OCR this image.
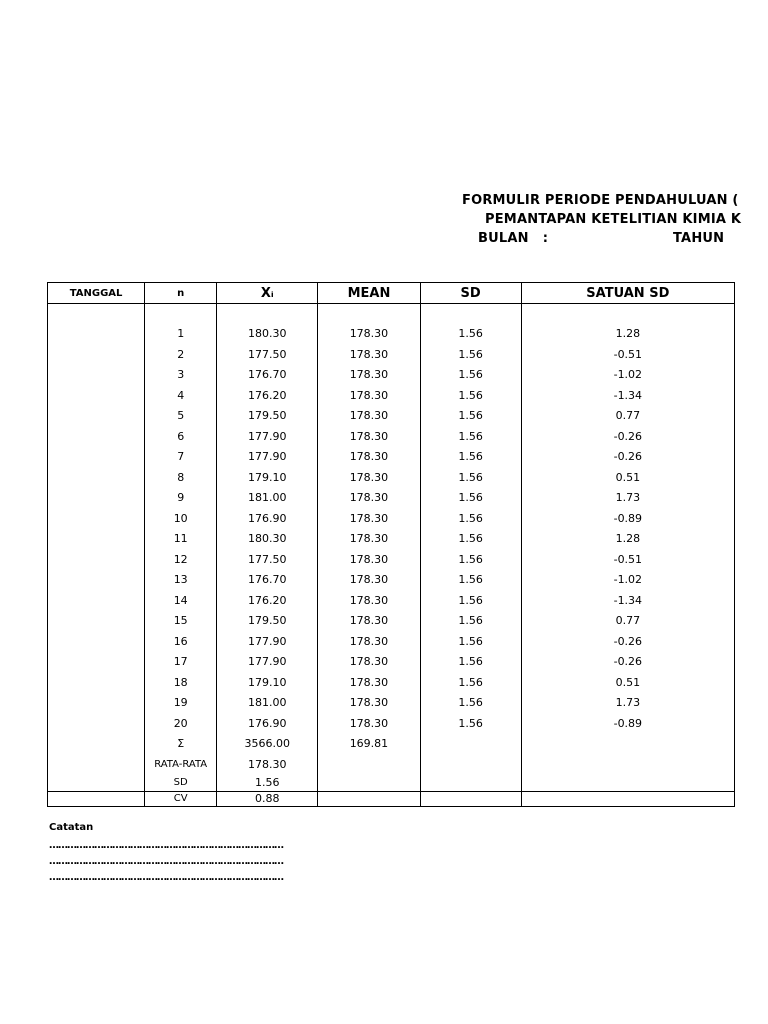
FORMULIR PERIODE PENDAHULUAN (
PEMANTAPAN KETELITIAN KIMIA K
BULAN :	TAHUN
TANGGAL	n	Xᵢ	MEAN	SD	SATUAN SD

	1	180.30	178.30	1.56	1.28
	2	177.50	178.30	1.56	-0.51
	3	176.70	178.30	1.56	-1.02
	4	176.20	178.30	1.56	-1.34
	5	179.50	178.30	1.56	0.77
	6	177.90	178.30	1.56	-0.26
	7	177.90	178.30	1.56	-0.26
	8	179.10	178.30	1.56	0.51
	9	181.00	178.30	1.56	1.73
	10	176.90	178.30	1.56	-0.89
	11	180.30	178.30	1.56	1.28
	12	177.50	178.30	1.56	-0.51
	13	176.70	178.30	1.56	-1.02
	14	176.20	178.30	1.56	-1.34
	15	179.50	178.30	1.56	0.77
	16	177.90	178.30	1.56	-0.26
	17	177.90	178.30	1.56	-0.26
	18	179.10	178.30	1.56	0.51
	19	181.00	178.30	1.56	1.73
	20	176.90	178.30	1.56	-0.89
	Σ	3566.00	169.81		
	RATA-RATA	178.30			
	SD	1.56			
	CV	0.88			
Catatan
……………………………………………………………………
……………………………………………………………………
……………………………………………………………………
